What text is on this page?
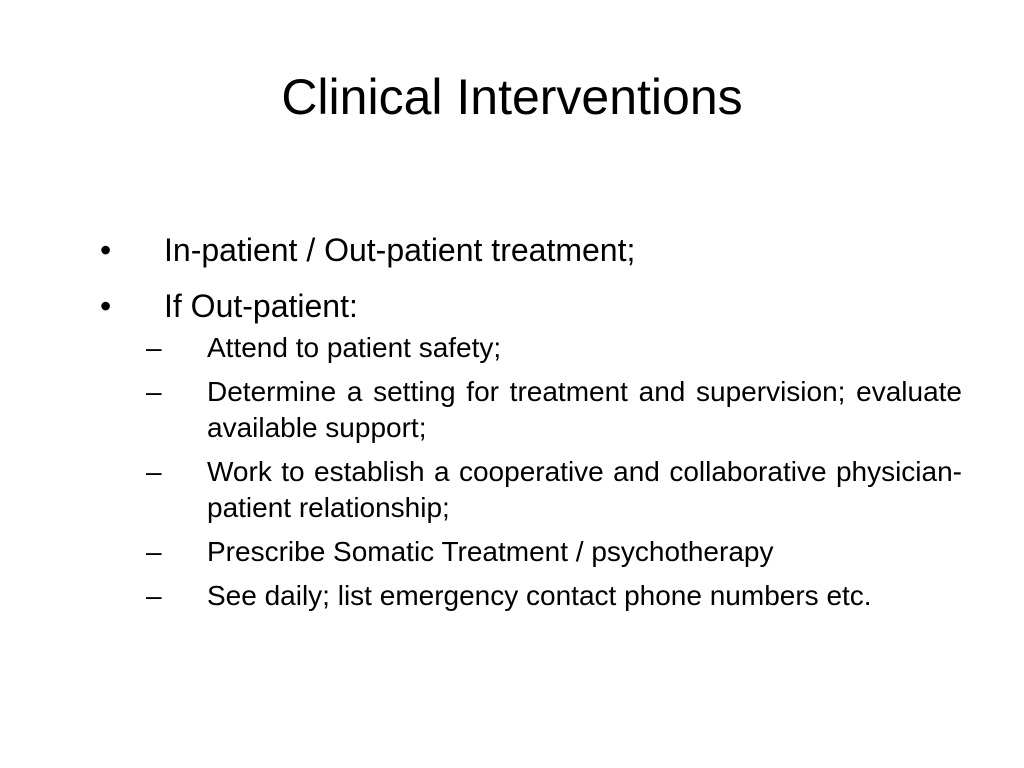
Clinical Interventions
• In-patient / Out-patient treatment;
• If Out-patient:
– Attend to patient safety;
– Determine a setting for treatment and supervision; evaluate available support;
– Work to establish a cooperative and collaborative physician-patient relationship;
– Prescribe Somatic Treatment / psychotherapy
– See daily; list emergency contact phone numbers etc.
